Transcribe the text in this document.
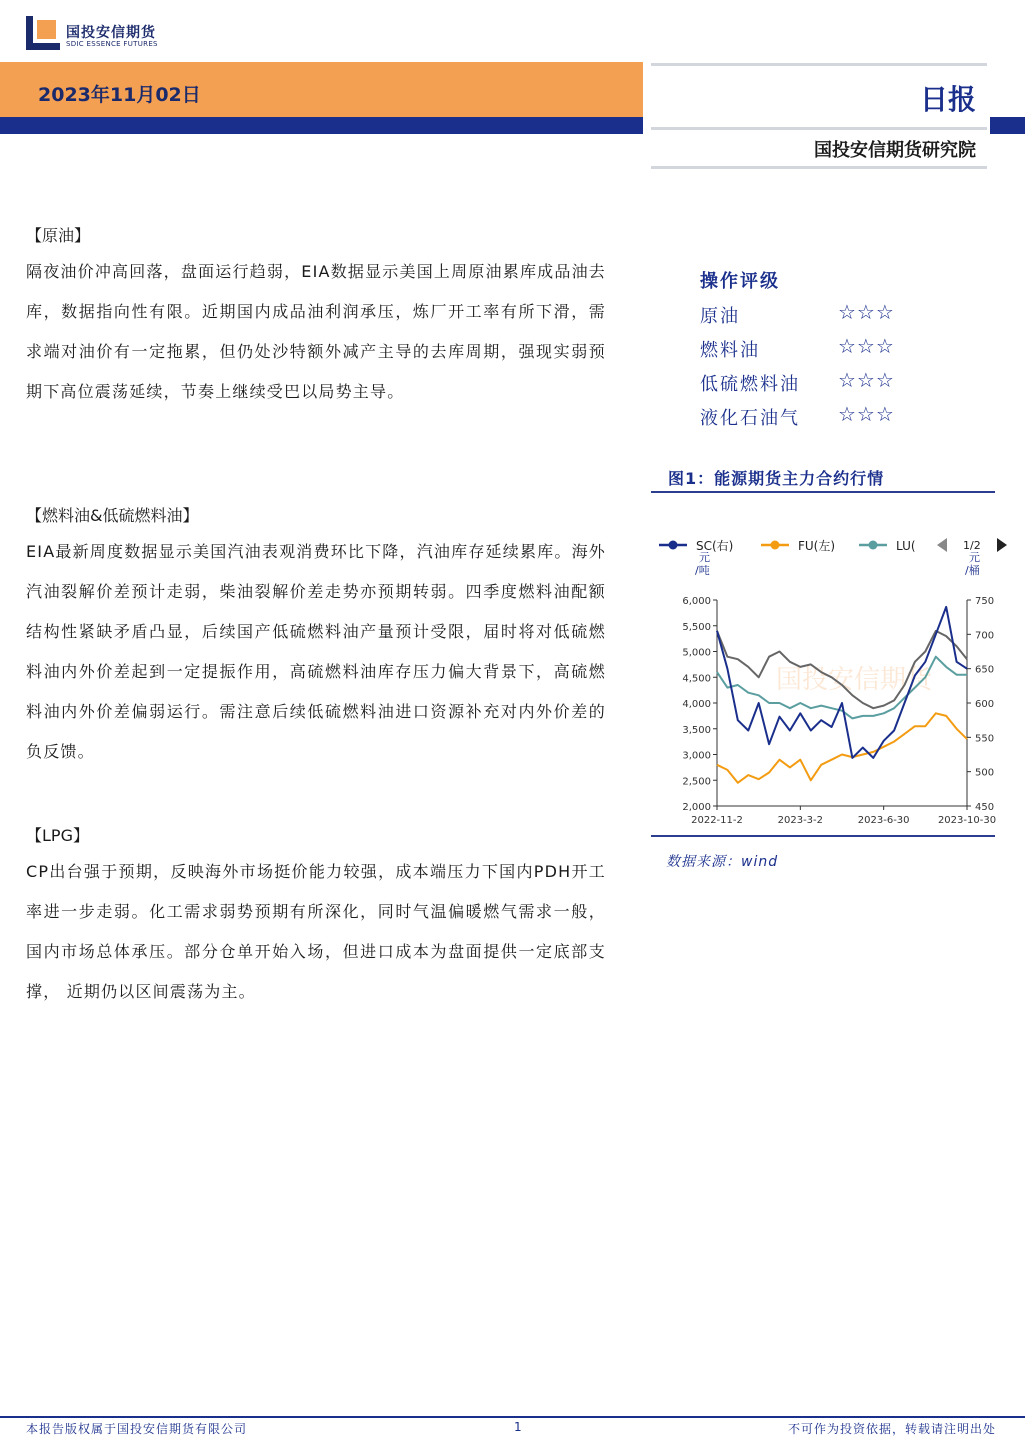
国投安信期货
SDIC ESSENCE FUTURES
2023年11月02日	日报
国投安信期货研究院
【原油】
隔夜油价冲高回落，盘面运行趋弱，EIA数据显示美国上周原油累库成品油去库，数据指向性有限。近期国内成品油利润承压，炼厂开工率有所下滑，需求端对油价有一定拖累，但仍处沙特额外减产主导的去库周期，强现实弱预期下高位震荡延续，节奏上继续受巴以局势主导。
【燃料油&低硫燃料油】
EIA最新周度数据显示美国汽油表观消费环比下降，汽油库存延续累库。海外汽油裂解价差预计走弱，柴油裂解价差走势亦预期转弱。四季度燃料油配额结构性紧缺矛盾凸显，后续国产低硫燃料油产量预计受限，届时将对低硫燃料油内外价差起到一定提振作用，高硫燃料油库存压力偏大背景下，高硫燃料油内外价差偏弱运行。需注意后续低硫燃料油进口资源补充对内外价差的负反馈。
【LPG】
CP出台强于预期，反映海外市场挺价能力较强，成本端压力下国内PDH开工率进一步走弱。化工需求弱势预期有所深化，同时气温偏暖燃气需求一般，国内市场总体承压。部分仓单开始入场，但进口成本为盘面提供一定底部支撑， 近期仍以区间震荡为主。
操作评级
原油	☆☆☆
燃料油	☆☆☆
低硫燃料油 ☆☆☆
液化石油气 ☆☆☆
图1：能源期货主力合约行情
SC(右)	FU(左)	LU(	1/2
元
/吨
元
/桶
6,000
5,500
5,000
4,500
4,000
3,500
3,000
2,500
2,000
750
700
650
600
550
500
450
2022-11-2	2023-3-2	2023-6-30	2023-10-30
国投安信期货
数据来源：wind
本报告版权属于国投安信期货有限公司	1	不可作为投资依据，转载请注明出处
